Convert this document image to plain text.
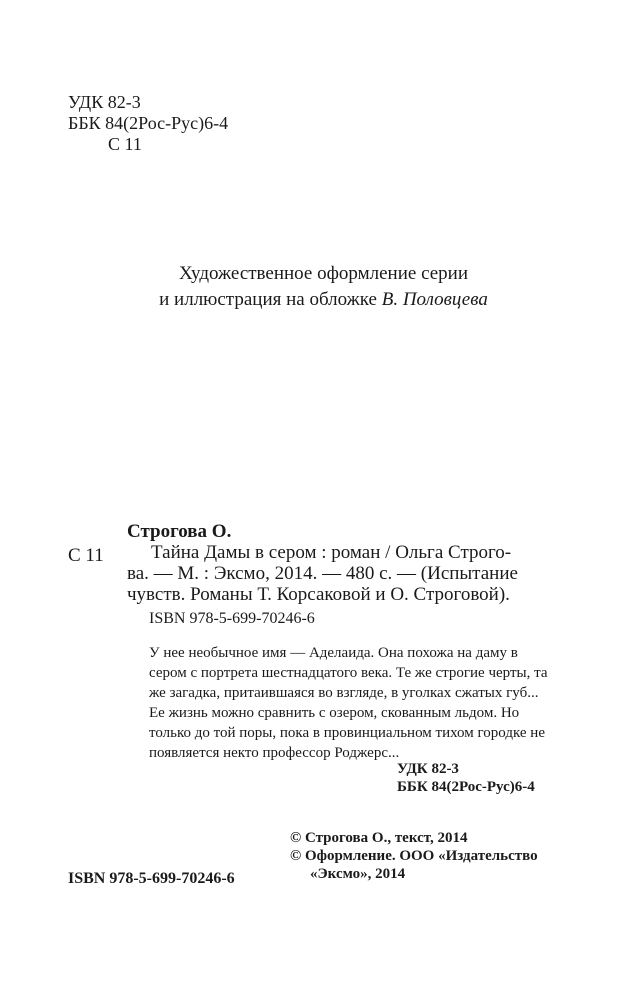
УДК 82-3
ББК 84(2Рос-Рус)6-4
С 11
Художественное оформление серии
и иллюстрация на обложке В. Половцева
С 11
Строгова О.
Тайна Дамы в сером : роман / Ольга Строго-
ва. — М. : Эксмо, 2014. — 480 с. — (Испытание
чувств. Романы Т. Корсаковой и О. Строговой).
ISBN 978-5-699-70246-6
У нее необычное имя — Аделаида. Она похожа на даму в
сером с портрета шестнадцатого века. Те же строгие черты, та
же загадка, притаившаяся во взгляде, в уголках сжатых губ...
Ее жизнь можно сравнить с озером, скованным льдом. Но
только до той поры, пока в провинциальном тихом городке не
появляется некто профессор Роджерс...
УДК 82-3
ББК 84(2Рос-Рус)6-4
© Строгова О., текст, 2014
© Оформление. ООО «Издательство
«Эксмо», 2014
ISBN 978-5-699-70246-6
